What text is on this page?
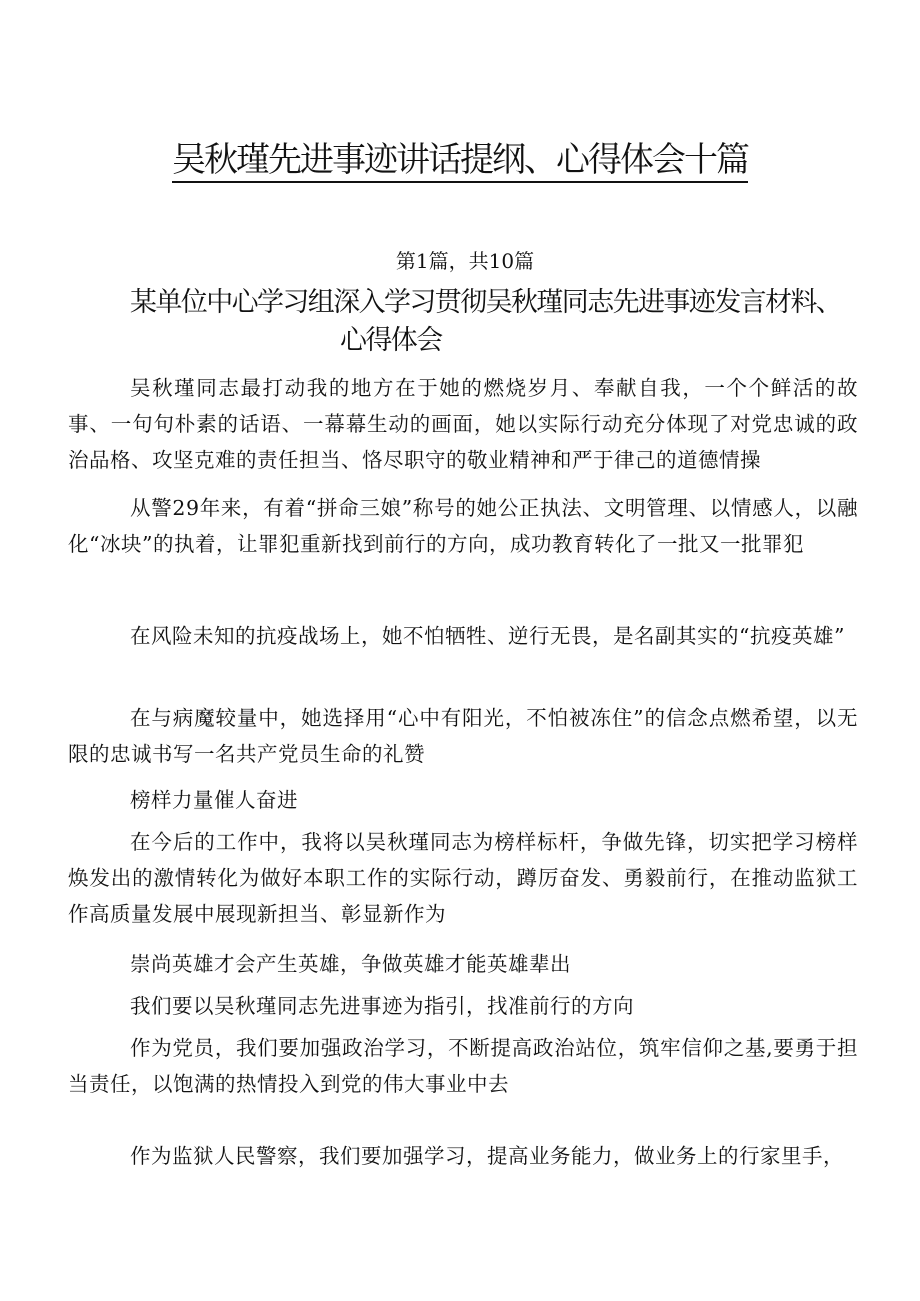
吴秋瑾先进事迹讲话提纲、心得体会十篇
第1篇，共10篇
某单位中心学习组深入学习贯彻吴秋瑾同志先进事迹发言材料、
心得体会

吴秋瑾同志最打动我的地方在于她的燃烧岁月、奉献自我，一个个鲜活的故事、一句句朴素的话语、一幕幕生动的画面，她以实际行动充分体现了对党忠诚的政治品格、攻坚克难的责任担当、恪尽职守的敬业精神和严于律己的道德情操

从警29年来，有着“拼命三娘”称号的她公正执法、文明管理、以情感人，以融化“冰块”的执着，让罪犯重新找到前行的方向，成功教育转化了一批又一批罪犯

在风险未知的抗疫战场上，她不怕牺牲、逆行无畏，是名副其实的“抗疫英雄”

在与病魔较量中，她选择用“心中有阳光，不怕被冻住”的信念点燃希望，以无限的忠诚书写一名共产党员生命的礼赞

榜样力量催人奋进

在今后的工作中，我将以吴秋瑾同志为榜样标杆，争做先锋，切实把学习榜样焕发出的激情转化为做好本职工作的实际行动，蹲厉奋发、勇毅前行，在推动监狱工作高质量发展中展现新担当、彰显新作为

崇尚英雄才会产生英雄，争做英雄才能英雄辈出

我们要以吴秋瑾同志先进事迹为指引，找准前行的方向

作为党员，我们要加强政治学习，不断提高政治站位，筑牢信仰之基,要勇于担当责任，以饱满的热情投入到党的伟大事业中去

作为监狱人民警察，我们要加强学习，提高业务能力，做业务上的行家里手，
